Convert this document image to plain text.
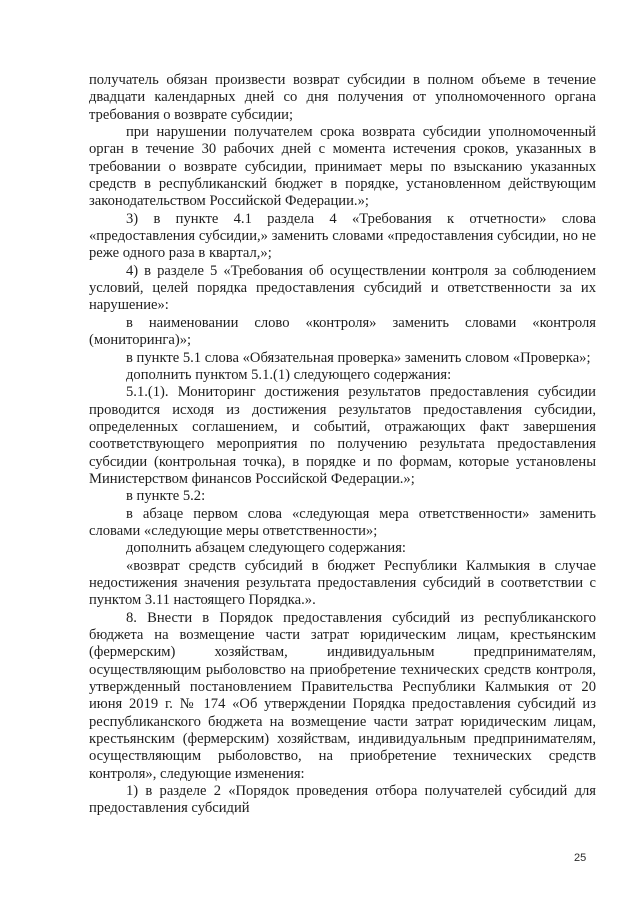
получатель обязан произвести возврат субсидии в полном объеме в течение двадцати календарных дней со дня получения от уполномоченного органа требования о возврате субсидии;

при нарушении получателем срока возврата субсидии уполномоченный орган в течение 30 рабочих дней с момента истечения сроков, указанных в требовании о возврате субсидии, принимает меры по взысканию указанных средств в республиканский бюджет в порядке, установленном действующим законодательством Российской Федерации.»;

3) в пункте 4.1 раздела 4 «Требования к отчетности» слова «предоставления субсидии,» заменить словами «предоставления субсидии, но не реже одного раза в квартал,»;

4) в разделе 5 «Требования об осуществлении контроля за соблюдением условий, целей порядка предоставления субсидий и ответственности за их нарушение»:

в наименовании слово «контроля» заменить словами «контроля (мониторинга)»;

в пункте 5.1 слова «Обязательная проверка» заменить словом «Проверка»;

дополнить пунктом 5.1.(1) следующего содержания:

5.1.(1). Мониторинг достижения результатов предоставления субсидии проводится исходя из достижения результатов предоставления субсидии, определенных соглашением, и событий, отражающих факт завершения соответствующего мероприятия по получению результата предоставления субсидии (контрольная точка), в порядке и по формам, которые установлены Министерством финансов Российской Федерации.»;

в пункте 5.2:

в абзаце первом слова «следующая мера ответственности» заменить словами «следующие меры ответственности»;

дополнить абзацем следующего содержания:

«возврат средств субсидий в бюджет Республики Калмыкия в случае недостижения значения результата предоставления субсидий в соответствии с пунктом 3.11 настоящего Порядка.».

8. Внести в Порядок предоставления субсидий из республиканского бюджета на возмещение части затрат юридическим лицам, крестьянским (фермерским) хозяйствам, индивидуальным предпринимателям, осуществляющим рыболовство на приобретение технических средств контроля, утвержденный постановлением Правительства Республики Калмыкия от 20 июня 2019 г. № 174 «Об утверждении Порядка предоставления субсидий из республиканского бюджета на возмещение части затрат юридическим лицам, крестьянским (фермерским) хозяйствам, индивидуальным предпринимателям, осуществляющим рыболовство, на приобретение технических средств контроля», следующие изменения:

1) в разделе 2 «Порядок проведения отбора получателей субсидий для предоставления субсидий

25
